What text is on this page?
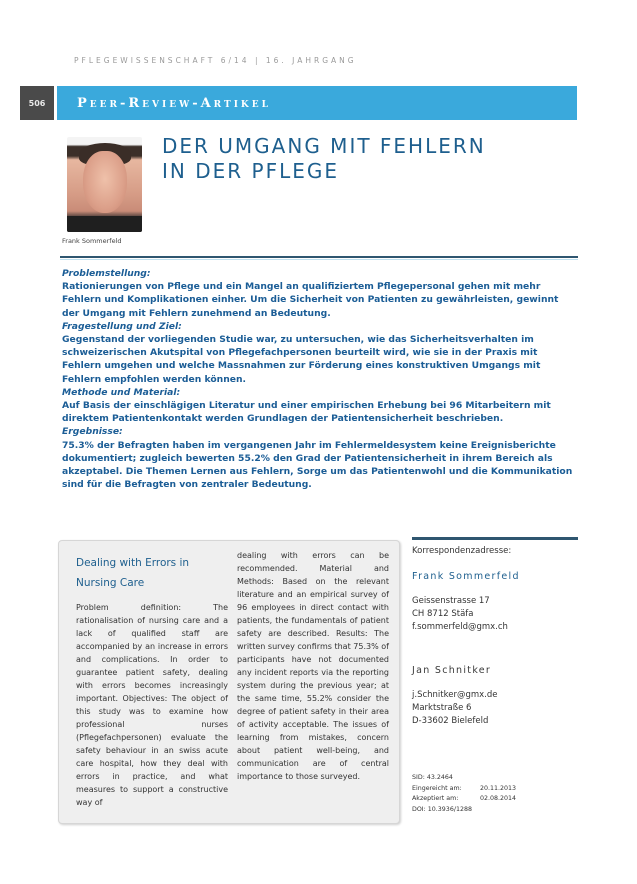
PFLEGEWISSENSCHAFT 6/14 | 16. JAHRGANG
506	Peer-Review-Artikel
Frank Sommerfeld
DER UMGANG MIT FEHLERN
IN DER PFLEGE
Problemstellung:
Rationierungen von Pflege und ein Mangel an qualifiziertem Pflegepersonal gehen mit mehr Fehlern und Komplikationen einher. Um die Sicherheit von Patienten zu gewährleisten, gewinnt der Umgang mit Fehlern zunehmend an Bedeutung.
Fragestellung und Ziel:
Gegenstand der vorliegenden Studie war, zu untersuchen, wie das Sicherheitsverhalten im schweizerischen Akutspital von Pflegefachpersonen beurteilt wird, wie sie in der Praxis mit Fehlern umgehen und welche Massnahmen zur Förderung eines konstruktiven Umgangs mit Fehlern empfohlen werden können.
Methode und Material:
Auf Basis der einschlägigen Literatur und einer empirischen Erhebung bei 96 Mitarbeitern mit direktem Patientenkontakt werden Grundlagen der Patientensicherheit beschrieben.
Ergebnisse:
75.3% der Befragten haben im vergangenen Jahr im Fehlermeldesystem keine Ereignisberichte dokumentiert; zugleich bewerten 55.2% den Grad der Patientensicherheit in ihrem Bereich als akzeptabel. Die Themen Lernen aus Fehlern, Sorge um das Patientenwohl und die Kommunikation sind für die Befragten von zentraler Bedeutung.
Dealing with Errors in Nursing Care
Problem definition: The rationalisation of nursing care and a lack of qualified staff are accompanied by an increase in errors and complications. In order to guarantee patient safety, dealing with errors becomes increasingly important. Objectives: The object of this study was to examine how professional nurses (Pflegefachpersonen) evaluate the safety behaviour in an swiss acute care hospital, how they deal with errors in practice, and what measures to support a constructive way of
dealing with errors can be recommended. Material and Methods: Based on the relevant literature and an empirical survey of 96 employees in direct contact with patients, the fundamentals of patient safety are described. Results: The written survey confirms that 75.3% of participants have not documented any incident reports via the reporting system during the previous year; at the same time, 55.2% consider the degree of patient safety in their area of activity acceptable. The issues of learning from mistakes, concern about patient well-being, and communication are of central importance to those surveyed.
Korrespondenzadresse:
Frank Sommerfeld
Geissenstrasse 17
CH 8712 Stäfa
f.sommerfeld@gmx.ch
Jan Schnitker
j.Schnitker@gmx.de
Marktstraße 6
D-33602 Bielefeld
SID: 43.2464
Eingereicht am:	20.11.2013
Akzeptiert am:	02.08.2014
DOI: 10.3936/1288
